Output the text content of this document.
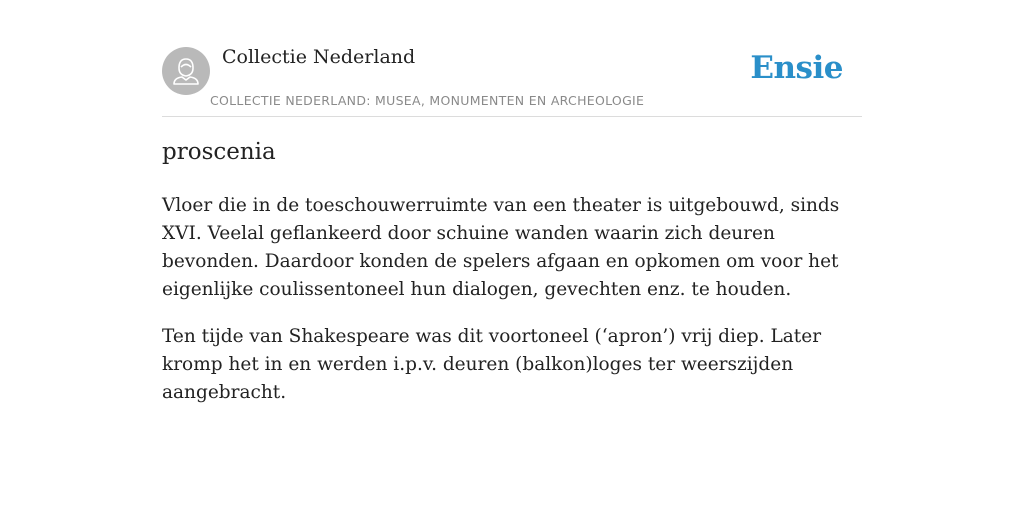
Collectie Nederland
COLLECTIE NEDERLAND: MUSEA, MONUMENTEN EN ARCHEOLOGIE
Ensie
proscenia

Vloer die in de toeschouwerruimte van een theater is uitgebouwd, sinds XVI. Veelal geflankeerd door schuine wanden waarin zich deuren bevonden. Daardoor konden de spelers afgaan en opkomen om voor het eigenlijke coulissentoneel hun dialogen, gevechten enz. te houden.

Ten tijde van Shakespeare was dit voortoneel (‘apron’) vrij diep. Later kromp het in en werden i.p.v. deuren (balkon)loges ter weerszijden aangebracht.
